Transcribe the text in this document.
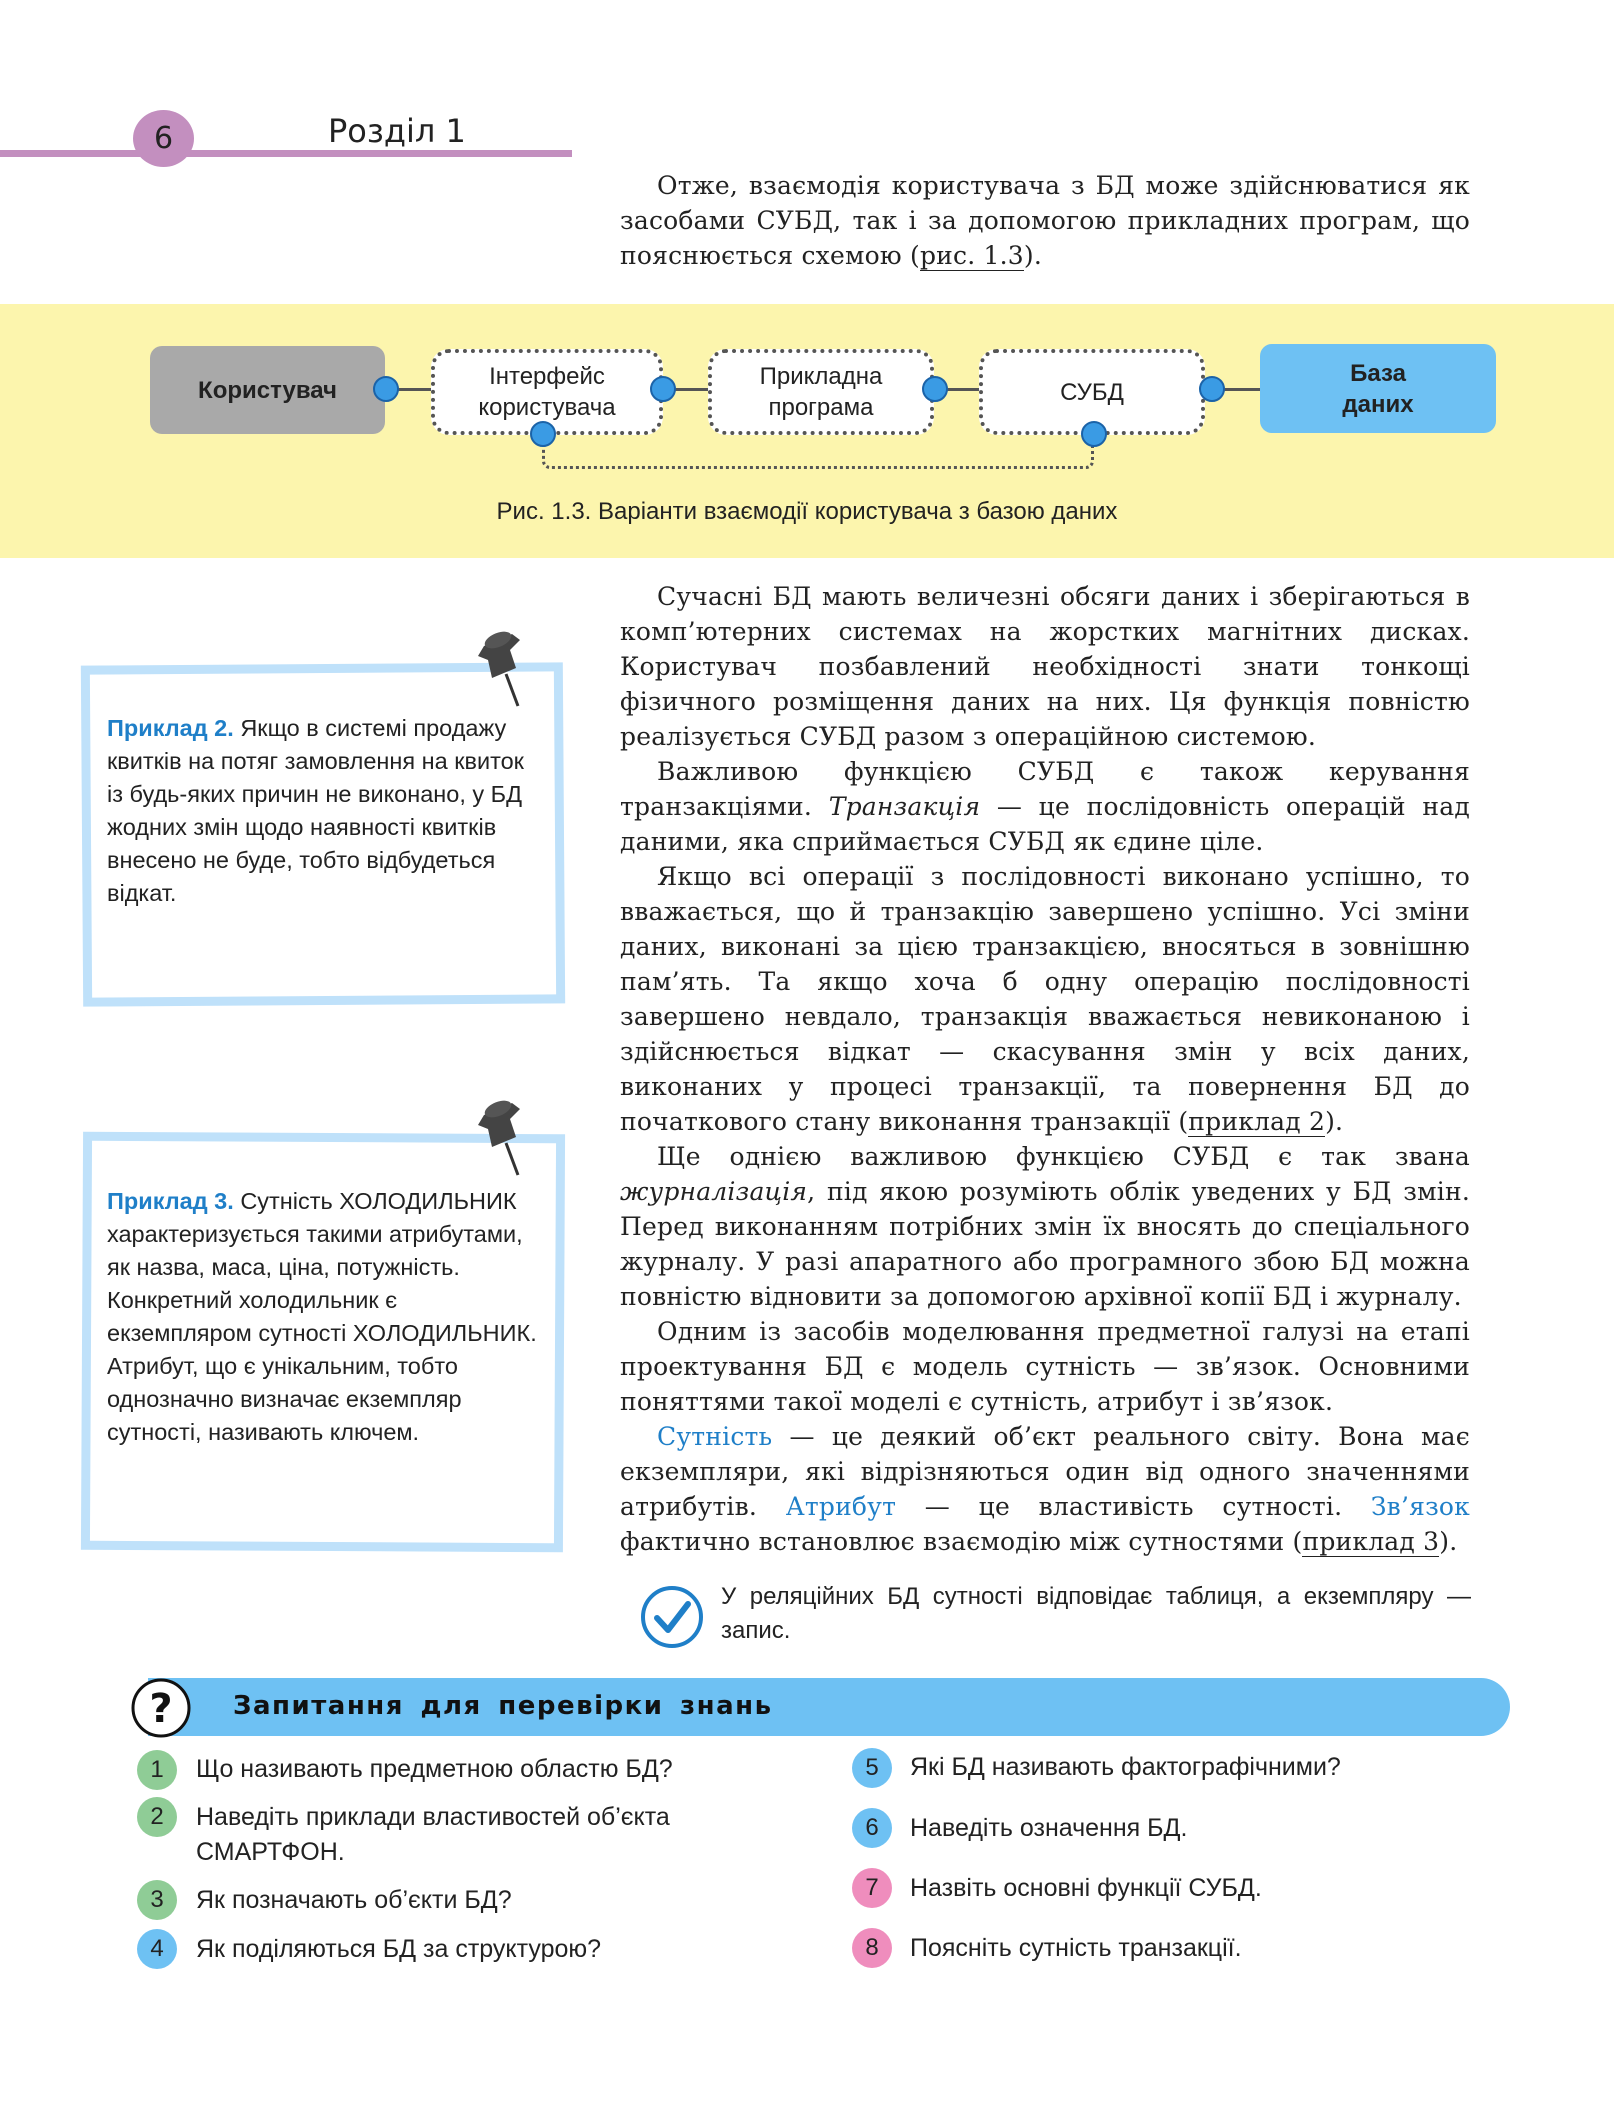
6	Розділ 1

Отже, взаємодія користувача з БД може здійснюватися як засобами СУБД, так і за допомогою прикладних програм, що пояснюється схемою (рис. 1.3).

Користувач	Інтерфейс
користувача
Прикладна
програма
СУБД
База
даних
Рис. 1.3. Варіанти взаємодії користувача з базою даних

Сучасні БД мають величезні обсяги даних і зберігаються в комп’ютерних системах на жорстких магнітних дисках. Користувач позбавлений необхідності знати тонкощі фізичного розміщення даних на них. Ця функція повністю реалізується СУБД разом з операційною системою.

Важливою функцією СУБД є також керування транзакціями. Транзакція — це послідовність операцій над даними, яка сприймається СУБД як єдине ціле.

Якщо всі операції з послідовності виконано успішно, то вважається, що й транзакцію завершено успішно. Усі зміни даних, виконані за цією транзакцією, вносяться в зовнішню пам’ять. Та якщо хоча б одну операцію послідовності завершено невдало, транзакція вважається невиконаною і здійснюється відкат — скасування змін у всіх даних, виконаних у процесі транзакції, та повернення БД до початкового стану виконання транзакції (приклад 2).

Ще однією важливою функцією СУБД є так звана журналізація, під якою розуміють облік уведених у БД змін. Перед виконанням потрібних змін їх вносять до спеціального журналу. У разі апаратного або програмного збою БД можна повністю відновити за допомогою архівної копії БД і журналу.

Одним із засобів моделювання предметної галузі на етапі проектування БД є модель сутність — зв’язок. Основними поняттями такої моделі є сутність, атрибут і зв’язок.

Сутність — це деякий об’єкт реального світу. Вона має екземпляри, які відрізняються один від одного значеннями атрибутів. Атрибут — це властивість сутності. Зв’язок фактично встановлює взаємодію між сутностями (приклад 3).

Приклад 2. Якщо в системі продажу квитків на потяг замовлення на квиток із будь-яких причин не виконано, у БД жодних змін щодо наявності квитків внесено не буде, тобто відбудеться відкат.
Приклад 3. Сутність ХОЛОДИЛЬНИК характеризується такими атрибутами, як назва, маса, ціна, потужність. Конкретний холодильник є екземпляром сутності ХОЛОДИЛЬНИК. Атрибут, що є унікальним, тобто однозначно визначає екземпляр сутності, називають ключем.
У реляційних БД сутності відповідає таблиця, а екземпляру — запис.
? Запитання для перевірки знань
1	Що називають предметною областю БД?
2	Наведіть приклади властивостей об’єкта СМАРТФОН.
3	Як позначають об’єкти БД?
4	Як поділяються БД за структурою?
5	Які БД називають фактографічними?
6	Наведіть означення БД.
7	Назвіть основні функції СУБД.
8	Поясніть сутність транзакції.
